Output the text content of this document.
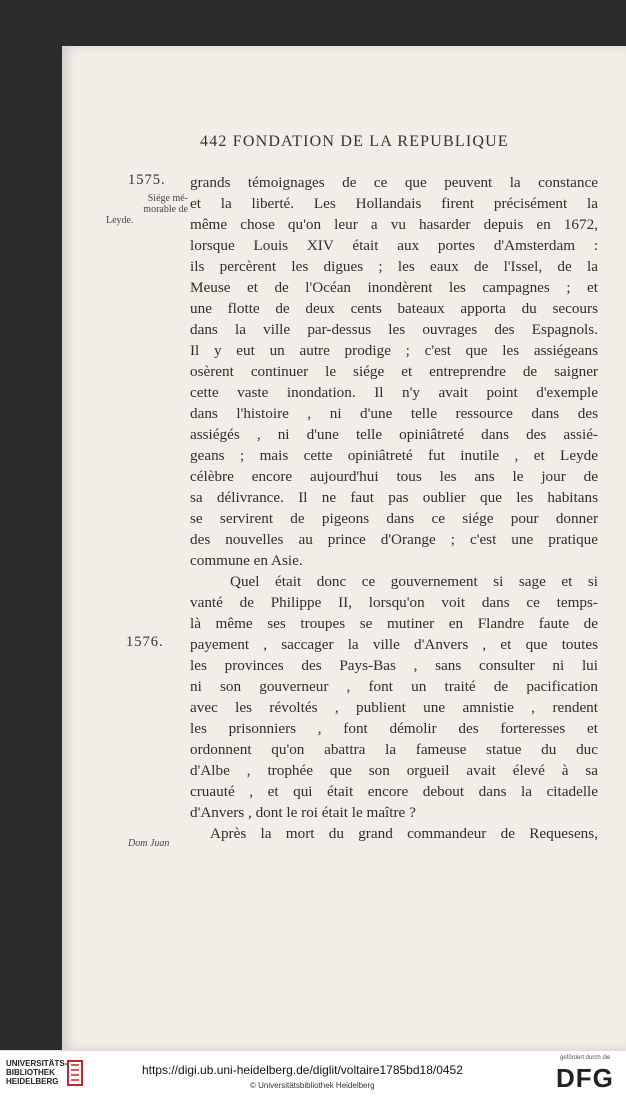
442 FONDATION DE LA REPUBLIQUE
1575.
Siége mé-
morable de
Leyde.
1576.
Dom Juan
grands témoignages de ce que peuvent la constance
et la liberté. Les Hollandais firent précisément la
même chose qu'on leur a vu hasarder depuis en 1672,
lorsque Louis XIV était aux portes d'Amsterdam :
ils percèrent les digues ; les eaux de l'Issel, de la
Meuse et de l'Océan inondèrent les campagnes ; et
une flotte de deux cents bateaux apporta du secours
dans la ville par-dessus les ouvrages des Espagnols.
Il y eut un autre prodige ; c'est que les assiégeans
osèrent continuer le siége et entreprendre de saigner
cette vaste inondation. Il n'y avait point d'exemple
dans l'histoire , ni d'une telle ressource dans des
assiégés , ni d'une telle opiniâtreté dans des assié-
geans ; mais cette opiniâtreté fut inutile , et Leyde
célèbre encore aujourd'hui tous les ans le jour de
sa délivrance. Il ne faut pas oublier que les habitans
se servirent de pigeons dans ce siége pour donner
des nouvelles au prince d'Orange ; c'est une pratique
commune en Asie.
Quel était donc ce gouvernement si sage et si
vanté de Philippe II, lorsqu'on voit dans ce temps-
là même ses troupes se mutiner en Flandre faute de
payement , saccager la ville d'Anvers , et que toutes
les provinces des Pays-Bas , sans consulter ni lui
ni son gouverneur , font un traité de pacification
avec les révoltés , publient une amnistie , rendent
les prisonniers , font démolir des forteresses et
ordonnent qu'on abattra la fameuse statue du duc
d'Albe , trophée que son orgueil avait élevé à sa
cruauté , et qui était encore debout dans la citadelle
d'Anvers , dont le roi était le maître ?
Après la mort du grand commandeur de Requesens,
UNIVERSITÄTS-BIBLIOTHEK HEIDELBERG
https://digi.ub.uni-heidelberg.de/diglit/voltaire1785bd18/0452
© Universitätsbibliothek Heidelberg
gefördert durch die
DFG
